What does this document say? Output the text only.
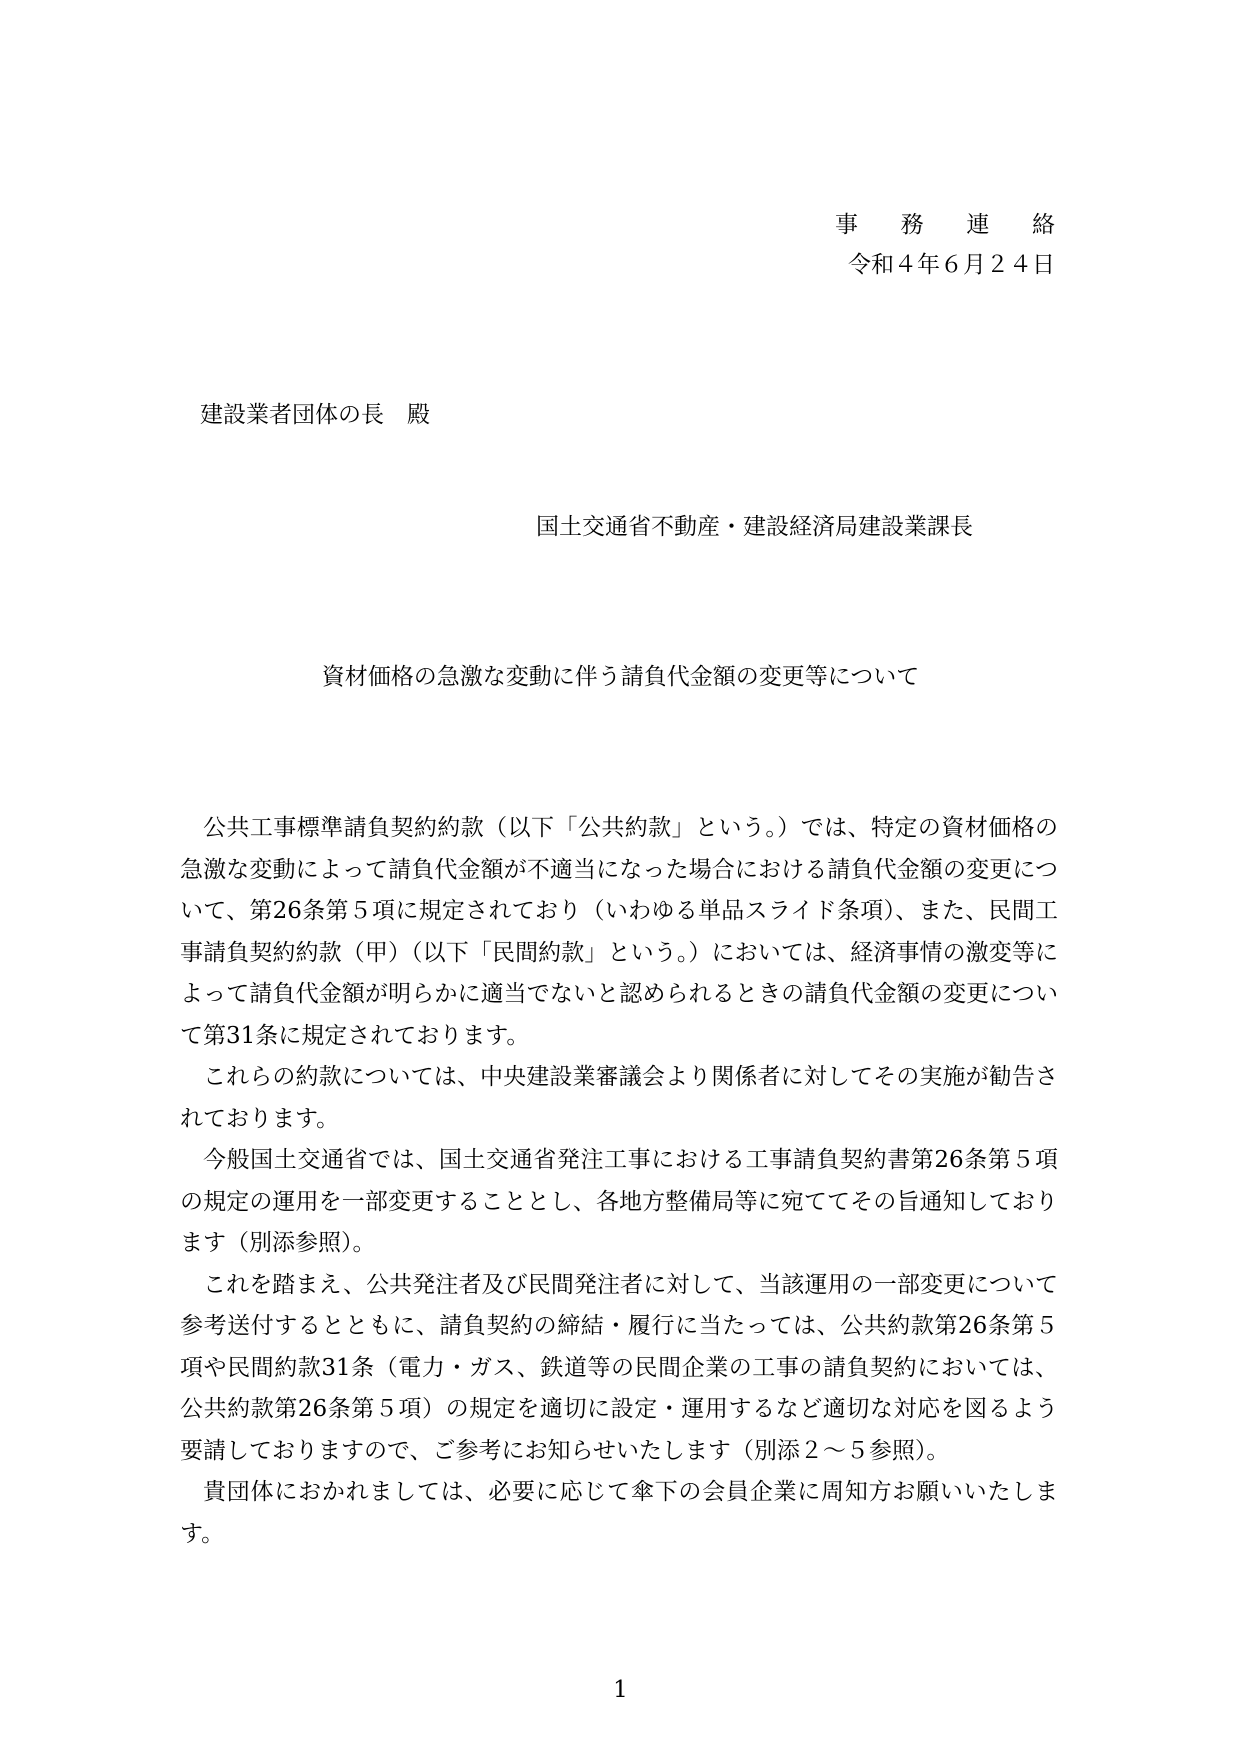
事 務 連 絡
令和４年６月２４日
建設業者団体の長　殿
国土交通省不動産・建設経済局建設業課長
資材価格の急激な変動に伴う請負代金額の変更等について

公共工事標準請負契約約款（以下「公共約款」という。）では、特定の資材価格の急激な変動によって請負代金額が不適当になった場合における請負代金額の変更について、第26条第５項に規定されており（いわゆる単品スライド条項）、また、民間工事請負契約約款（甲）（以下「民間約款」という。）においては、経済事情の激変等によって請負代金額が明らかに適当でないと認められるときの請負代金額の変更について第31条に規定されております。

これらの約款については、中央建設業審議会より関係者に対してその実施が勧告されております。

今般国土交通省では、国土交通省発注工事における工事請負契約書第26条第５項の規定の運用を一部変更することとし、各地方整備局等に宛ててその旨通知しております（別添参照）。

これを踏まえ、公共発注者及び民間発注者に対して、当該運用の一部変更について参考送付するとともに、請負契約の締結・履行に当たっては、公共約款第26条第５項や民間約款31条（電力・ガス、鉄道等の民間企業の工事の請負契約においては、公共約款第26条第５項）の規定を適切に設定・運用するなど適切な対応を図るよう要請しておりますので、ご参考にお知らせいたします（別添２～５参照）。

貴団体におかれましては、必要に応じて傘下の会員企業に周知方お願いいたします。

1
